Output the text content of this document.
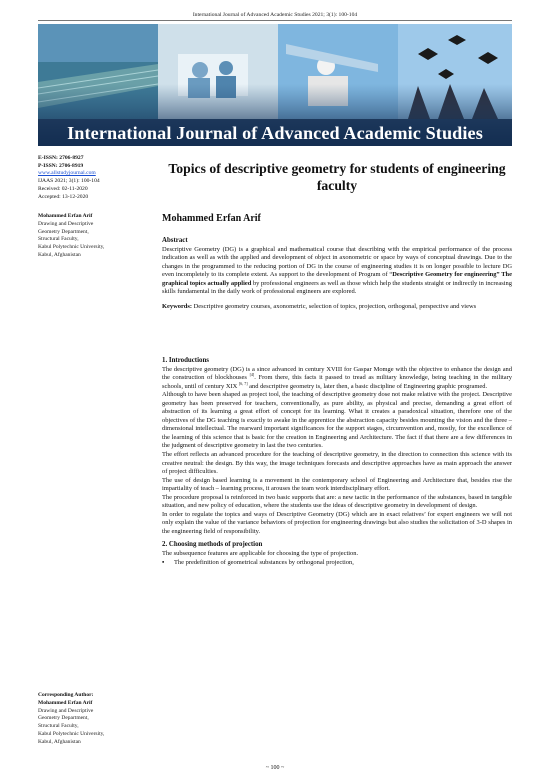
International Journal of Advanced Academic Studies 2021; 3(1): 100-104
International Journal of Advanced Academic Studies
E-ISSN: 2706-8927
P-ISSN: 2706-8919
www.allstudyjournal.com
IJAAS 2021; 3(1): 100-104
Received: 02-11-2020
Accepted: 13-12-2020
Mohammed Erfan Arif
Drawing and Descriptive
Geometry Department,
Structural Faculty,
Kabul Polytechnic University,
Kabul, Afghanistan
Corresponding Author:
Mohammed Erfan Arif
Drawing and Descriptive
Geometry Department,
Structural Faculty,
Kabul Polytechnic University,
Kabul, Afghanistan
Topics of descriptive geometry for students of engineering faculty
Mohammed Erfan Arif

Abstract

Descriptive Geometry (DG) is a graphical and mathematical course that describing with the empirical performance of the process indication as well as with the applied and development of object in axonometric or space by ways of conceptual drawings. Due to the changes in the programmed to the reducing portion of DG in the course of engineering studies it is on longer possible to lecture DG even incompletely to its complete extent. As support to the development of Program of “Descriptive Geometry for engineering” The graphical topics actually applied by professional engineers as well as those which help the students straight or indirectly in increasing skills fundamental in the daily work of professional engineers are explored.

Keywords: Descriptive geometry courses, axonometric, selection of topics, projection, orthogonal, perspective and views

1. Introductions

The descriptive geometry (DG) is a since advanced in century XVIII for Gaspar Momge with the objective to enhance the design and the construction of blockhouses [4]. From there, this facts it passed to tread as military knowledge, being teaching in the military schools, until of century XIX [6, 7] and descriptive geometry is, later then, a basic discipline of Engineering graphic programed.

Although to have been shaped as project tool, the teaching of descriptive geometry dose not make relative with the project. Descriptive geometry has been preserved for teachers, conventionally, as pure ability, as physical and precise, demanding a great effort of abstraction of its learning a great effort of concept for its learning. What it creates a paradoxical situation, therefore one of the objectives of the DG teaching is exactly to awake in the apprentice the abstraction capacity besides mounting the vision and the three – dimensional intellectual. The rearward important significances for the support stages, circumvention and, mostly, for the excellence of the learning of this science that is basic for the creation in Engineering and Architecture. The fact if that there are a few differences in the judgment of descriptive geometry in last the two centuries.

The effort reflects an advanced procedure for the teaching of descriptive geometry, in the direction to connection this science with its creative neutral: the design. By this way, the image techniques forecasts and descriptive approaches have as main approach the answer of project difficulties.

The use of design based learning is a movement in the contemporary school of Engineering and Architecture that, besides rise the impartiality of teach – learning process, it arouses the team work interdisciplinary effort.

The procedure proposal is reinforced in two basic supports that are: a new tactic in the performance of the substances, based in tangible situation, and new policy of education, where the students use the ideas of descriptive geometry in development of design.

In order to regulate the topics and ways of Descriptive Geometry (DG) which are in exact relatives’ for expert engineers we will not only explain the value of the variance behaviors of projection for engineering drawings but also studies the solicitation of 3-D shapes in the engineering field of responsibility.

2. Choosing methods of projection

The subsequence features are applicable for choosing the type of projection.

▪	The predefinition of geometrical substances by orthogonal projection,
~ 100 ~
